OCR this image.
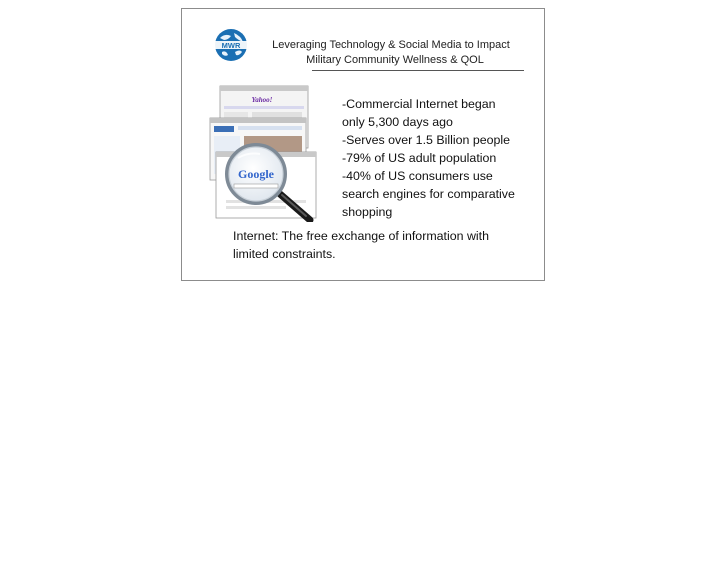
MWR	Leveraging Technology & Social Media to Impact
Military Community Wellness & QOL
Yahoo!
Google
-Commercial Internet began
only 5,300 days ago
-Serves over 1.5 Billion people
-79% of US adult population
-40% of US consumers use
search engines for comparative
shopping

Internet: The free exchange of information with
limited constraints.
